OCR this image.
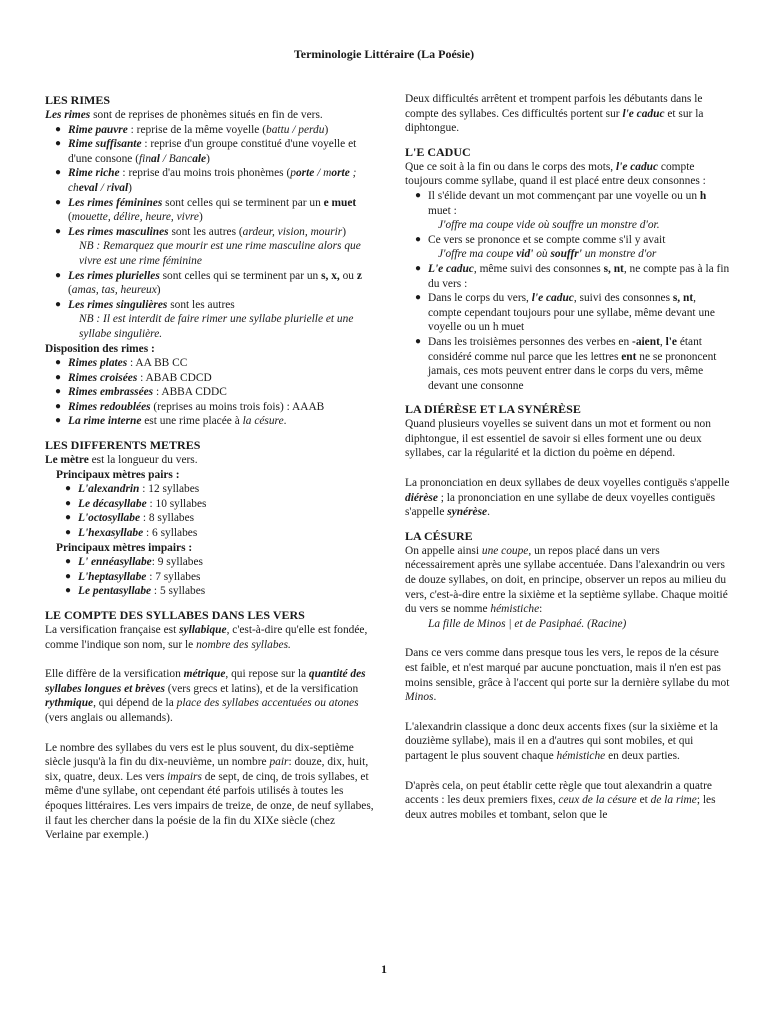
Terminologie Littéraire (La Poésie)
LES RIMES

Les rimes sont de reprises de phonèmes situés en fin de vers.

● Rime pauvre : reprise de la même voyelle (battu / perdu)
● Rime suffisante : reprise d'un groupe constitué d'une voyelle et d'une consone (final / Bancale)
● Rime riche : reprise d'au moins trois phonèmes (porte / morte ; cheval / rival)
● Les rimes féminines sont celles qui se terminent par un e muet (mouette, délire, heure, vivre)
● Les rimes masculines sont les autres (ardeur, vision, mourir)

NB : Remarquez que mourir est une rime masculine alors que vivre est une rime féminine

● Les rimes plurielles sont celles qui se terminent par un s, x, ou z (amas, tas, heureux)
● Les rimes singulières sont les autres

NB : Il est interdit de faire rimer une syllabe plurielle et une syllabe singulière.

Disposition des rimes :

● Rimes plates : AA BB CC
● Rimes croisées : ABAB CDCD
● Rimes embrassées : ABBA CDDC
● Rimes redoublées (reprises au moins trois fois) : AAAB
● La rime interne est une rime placée à la césure.
LES DIFFERENTS METRES

Le mètre est la longueur du vers.

Principaux mètres pairs :

● L'alexandrin : 12 syllabes
● Le décasyllabe : 10 syllabes
● L'octosyllabe : 8 syllabes
● L'hexasyllabe : 6 syllabes

Principaux mètres impairs :

● L' ennéasyllabe: 9 syllabes
● L'heptasyllabe : 7 syllabes
● Le pentasyllabe : 5 syllabes
LE COMPTE DES SYLLABES DANS LES VERS

La versification française est syllabique, c'est-à-dire qu'elle est fondée, comme l'indique son nom, sur le nombre des syllabes.

Elle diffère de la versification métrique, qui repose sur la quantité des syllabes longues et brèves (vers grecs et latins), et de la versification rythmique, qui dépend de la place des syllabes accentuées ou atones (vers anglais ou allemands).

Le nombre des syllabes du vers est le plus souvent, du dix-septième siècle jusqu'à la fin du dix-neuvième, un nombre pair: douze, dix, huit, six, quatre, deux. Les vers impairs de sept, de cinq, de trois syllabes, et même d'une syllabe, ont cependant été parfois utilisés à toutes les époques littéraires. Les vers impairs de treize, de onze, de neuf syllabes, il faut les chercher dans la poésie de la fin du XIXe siècle (chez Verlaine par exemple.)

Deux difficultés arrêtent et trompent parfois les débutants dans le compte des syllabes. Ces difficultés portent sur l'e caduc et sur la diphtongue.

L'E CADUC

Que ce soit à la fin ou dans le corps des mots, l'e caduc compte toujours comme syllabe, quand il est placé entre deux consonnes :

● Il s'élide devant un mot commençant par une voyelle ou un h muet :

J'offre ma coupe vide où souffre un monstre d'or.

● Ce vers se prononce et se compte comme s'il y avait

J'offre ma coupe vid' où souffr' un monstre d'or

● L'e caduc, même suivi des consonnes s, nt, ne compte pas à la fin du vers :
● Dans le corps du vers, l'e caduc, suivi des consonnes s, nt, compte cependant toujours pour une syllabe, même devant une voyelle ou un h muet
● Dans les troisièmes personnes des verbes en -aient, l'e étant considéré comme nul parce que les lettres ent ne se prononcent jamais, ces mots peuvent entrer dans le corps du vers, même devant une consonne
LA DIÉRÈSE ET LA SYNÉRÈSE

Quand plusieurs voyelles se suivent dans un mot et forment ou non diphtongue, il est essentiel de savoir si elles forment une ou deux syllabes, car la régularité et la diction du poème en dépend.

La prononciation en deux syllabes de deux voyelles contiguës s'appelle diérèse ; la prononciation en une syllabe de deux voyelles contiguës s'appelle synérèse.

LA CÉSURE

On appelle ainsi une coupe, un repos placé dans un vers nécessairement après une syllabe accentuée. Dans l'alexandrin ou vers de douze syllabes, on doit, en principe, observer un repos au milieu du vers, c'est-à-dire entre la sixième et la septième syllabe. Chaque moitié du vers se nomme hémistiche:

La fille de Minos | et de Pasiphaé. (Racine)

Dans ce vers comme dans presque tous les vers, le repos de la césure est faible, et n'est marqué par aucune ponctuation, mais il n'en est pas moins sensible, grâce à l'accent qui porte sur la dernière syllabe du mot Minos.

L'alexandrin classique a donc deux accents fixes (sur la sixième et la douzième syllabe), mais il en a d'autres qui sont mobiles, et qui partagent le plus souvent chaque hémistiche en deux parties.

D'après cela, on peut établir cette règle que tout alexandrin a quatre accents : les deux premiers fixes, ceux de la césure et de la rime; les deux autres mobiles et tombant, selon que le

1
